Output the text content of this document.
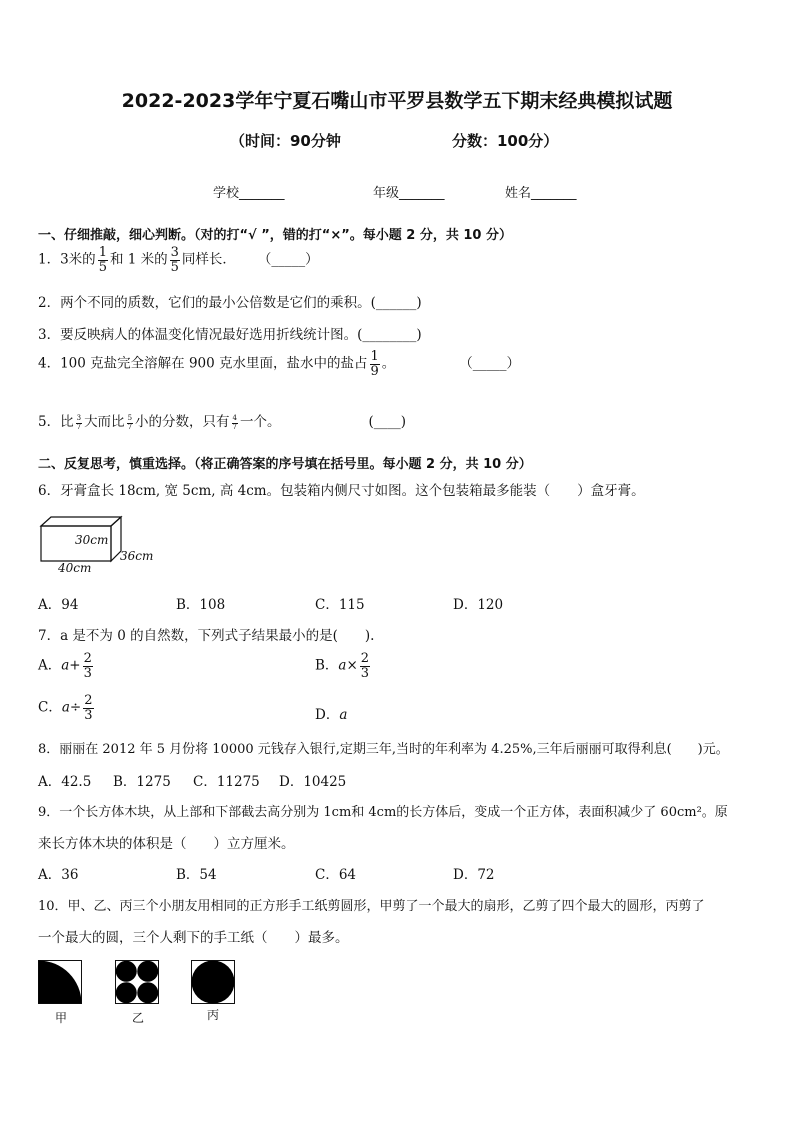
2022-2023学年宁夏石嘴山市平罗县数学五下期末经典模拟试题
（时间：90分钟	分数：100分）
学校_______	年级_______	姓名_______
一、仔细推敲，细心判断。（对的打“√ ”，错的打“×”。每小题 2 分，共 10 分）
1．3米的 $\frac{1}{5}$ 和 1 米的 $\frac{3}{5}$ 同样长． （_____）
2．两个不同的质数，它们的最小公倍数是它们的乘积。(______)
3．要反映病人的体温变化情况最好选用折线统计图。(________)
4．100 克盐完全溶解在 900 克水里面，盐水中的盐占 $\frac{1}{9}$ 。	（_____）
5．比 $\frac{3}{7}$ 大而比 $\frac{5}{7}$ 小的分数，只有 $\frac{4}{7}$ 一个。	(____)
二、反复思考，慎重选择。（将正确答案的序号填在括号里。每小题 2 分，共 10 分）
6．牙膏盒长 18cm, 宽 5cm, 高 4cm。包装箱内侧尺寸如图。这个包装箱最多能装（　　）盒牙膏。
30cm
36cm
40cm
A．94	B．108	C．115	D．120
7．a 是不为 0 的自然数，下列式子结果最小的是(　　).
A．$a+ \frac{2}{3}$	B．$a\times \frac{2}{3}$
C．$a\div \frac{2}{3}$	D．a
8．丽丽在 2012 年 5 月份将 10000 元钱存入银行,定期三年,当时的年利率为 4.25%,三年后丽丽可取得利息(　　)元。
A．42.5 B．1275 C．11275 D．10425
9．一个长方体木块，从上部和下部截去高分别为 1cm和 4cm的长方体后，变成一个正方体，表面积减少了 60cm²。原
来长方体木块的体积是（　　）立方厘米。
A．36	B．54	C．64	D．72
10．甲、乙、丙三个小朋友用相同的正方形手工纸剪圆形，甲剪了一个最大的扇形，乙剪了四个最大的圆形，丙剪了
一个最大的圆，三个人剩下的手工纸（　　）最多。
甲	乙	丙
